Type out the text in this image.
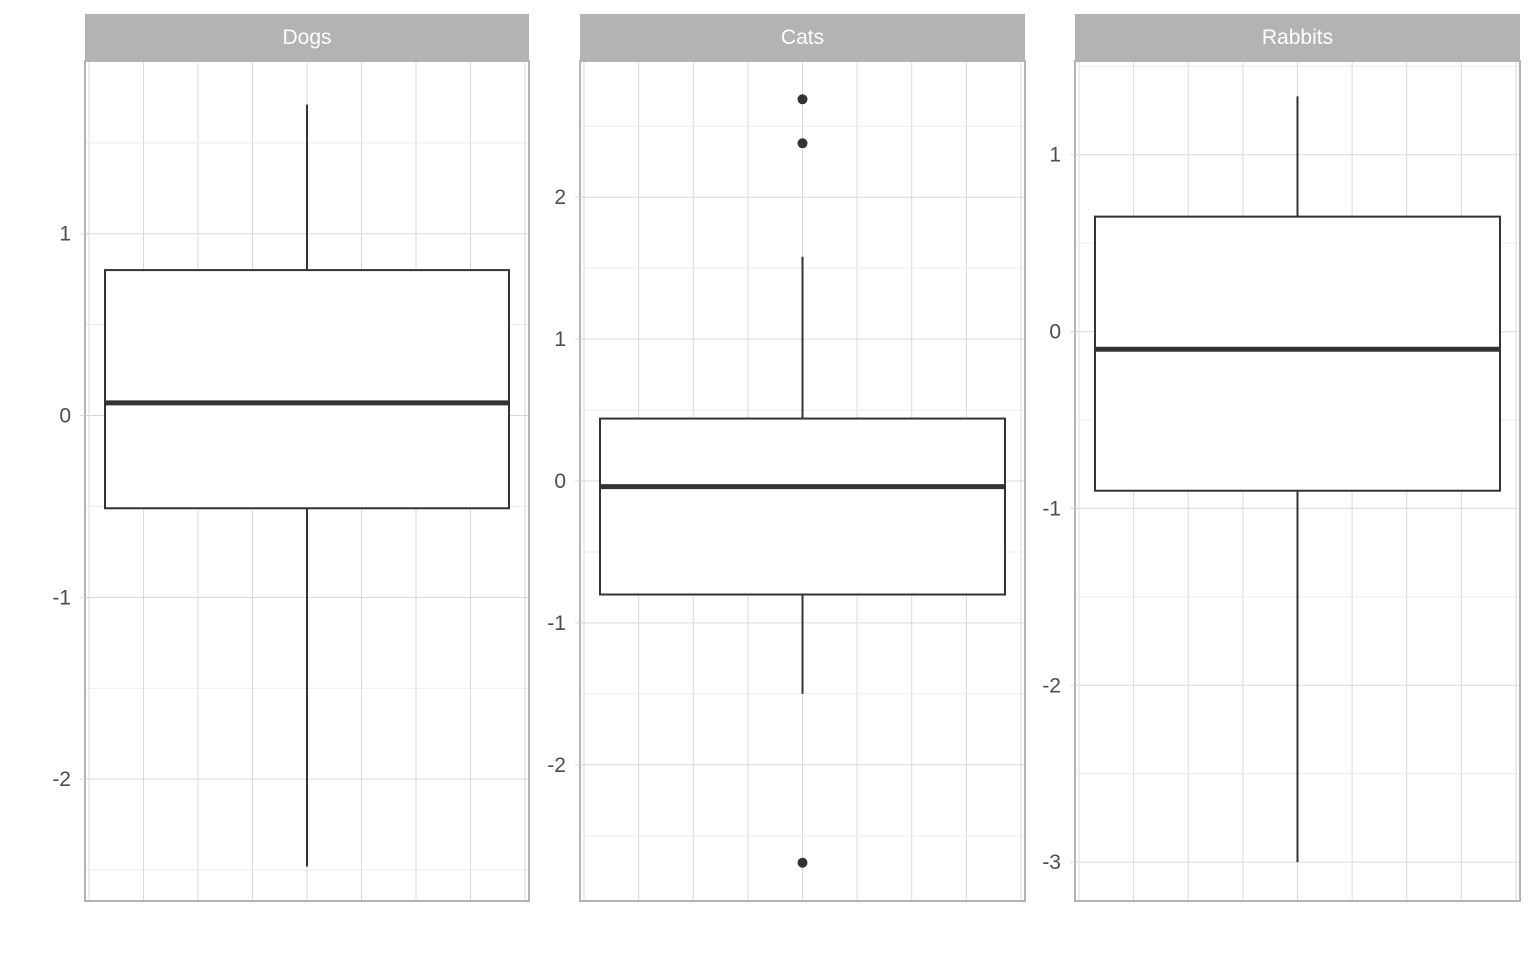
-2
-1
0
1
Dogs
-2
-1
0
1
2
Cats
-3
-2
-1
0
1
Rabbits
